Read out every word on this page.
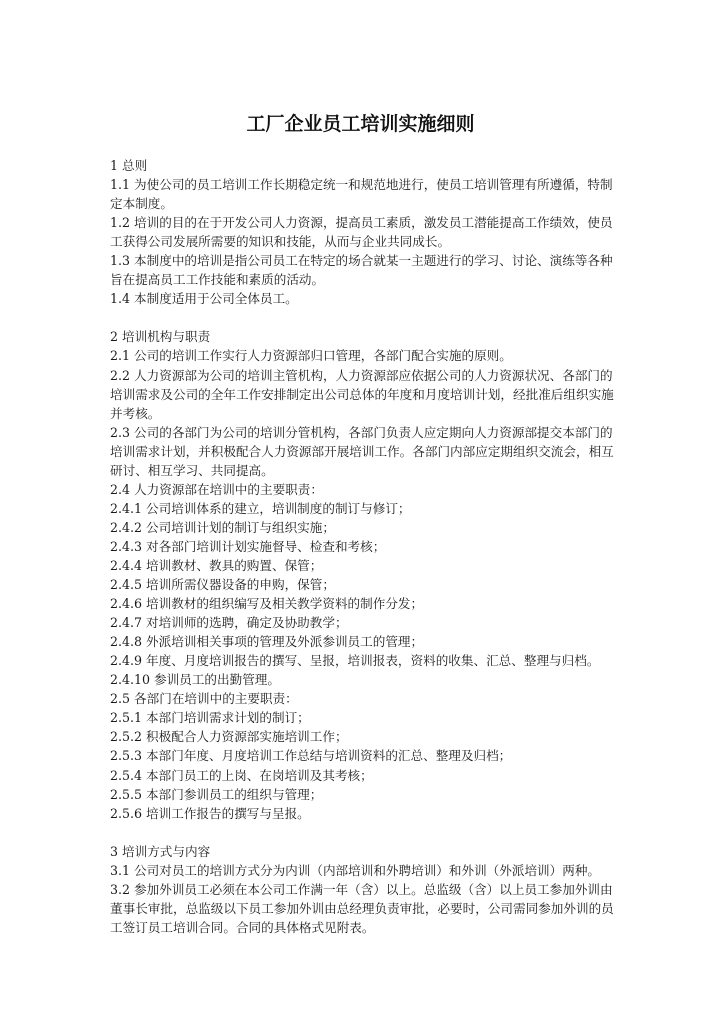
工厂企业员工培训实施细则
1 总则
1.1 为使公司的员工培训工作长期稳定统一和规范地进行，使员工培训管理有所遵循，特制
定本制度。
1.2 培训的目的在于开发公司人力资源，提高员工素质，激发员工潜能提高工作绩效，使员
工获得公司发展所需要的知识和技能，从而与企业共同成长。
1.3 本制度中的培训是指公司员工在特定的场合就某一主题进行的学习、讨论、演练等各种
旨在提高员工工作技能和素质的活动。
1.4 本制度适用于公司全体员工。
2 培训机构与职责
2.1 公司的培训工作实行人力资源部归口管理，各部门配合实施的原则。
2.2 人力资源部为公司的培训主管机构，人力资源部应依据公司的人力资源状况、各部门的
培训需求及公司的全年工作安排制定出公司总体的年度和月度培训计划，经批准后组织实施
并考核。
2.3 公司的各部门为公司的培训分管机构，各部门负责人应定期向人力资源部提交本部门的
培训需求计划，并积极配合人力资源部开展培训工作。各部门内部应定期组织交流会，相互
研讨、相互学习、共同提高。
2.4 人力资源部在培训中的主要职责：
2.4.1 公司培训体系的建立，培训制度的制订与修订；
2.4.2 公司培训计划的制订与组织实施；
2.4.3 对各部门培训计划实施督导、检查和考核；
2.4.4 培训教材、教具的购置、保管；
2.4.5 培训所需仪器设备的申购，保管；
2.4.6 培训教材的组织编写及相关教学资料的制作分发；
2.4.7 对培训师的选聘，确定及协助教学；
2.4.8 外派培训相关事项的管理及外派参训员工的管理；
2.4.9 年度、月度培训报告的撰写、呈报，培训报表，资料的收集、汇总、整理与归档。
2.4.10 参训员工的出勤管理。
2.5 各部门在培训中的主要职责：
2.5.1 本部门培训需求计划的制订；
2.5.2 积极配合人力资源部实施培训工作；
2.5.3 本部门年度、月度培训工作总结与培训资料的汇总、整理及归档；
2.5.4 本部门员工的上岗、在岗培训及其考核；
2.5.5 本部门参训员工的组织与管理；
2.5.6 培训工作报告的撰写与呈报。
3 培训方式与内容
3.1 公司对员工的培训方式分为内训（内部培训和外聘培训）和外训（外派培训）两种。
3.2 参加外训员工必须在本公司工作满一年（含）以上。总监级（含）以上员工参加外训由
董事长审批，总监级以下员工参加外训由总经理负责审批，必要时，公司需同参加外训的员
工签订员工培训合同。合同的具体格式见附表。
